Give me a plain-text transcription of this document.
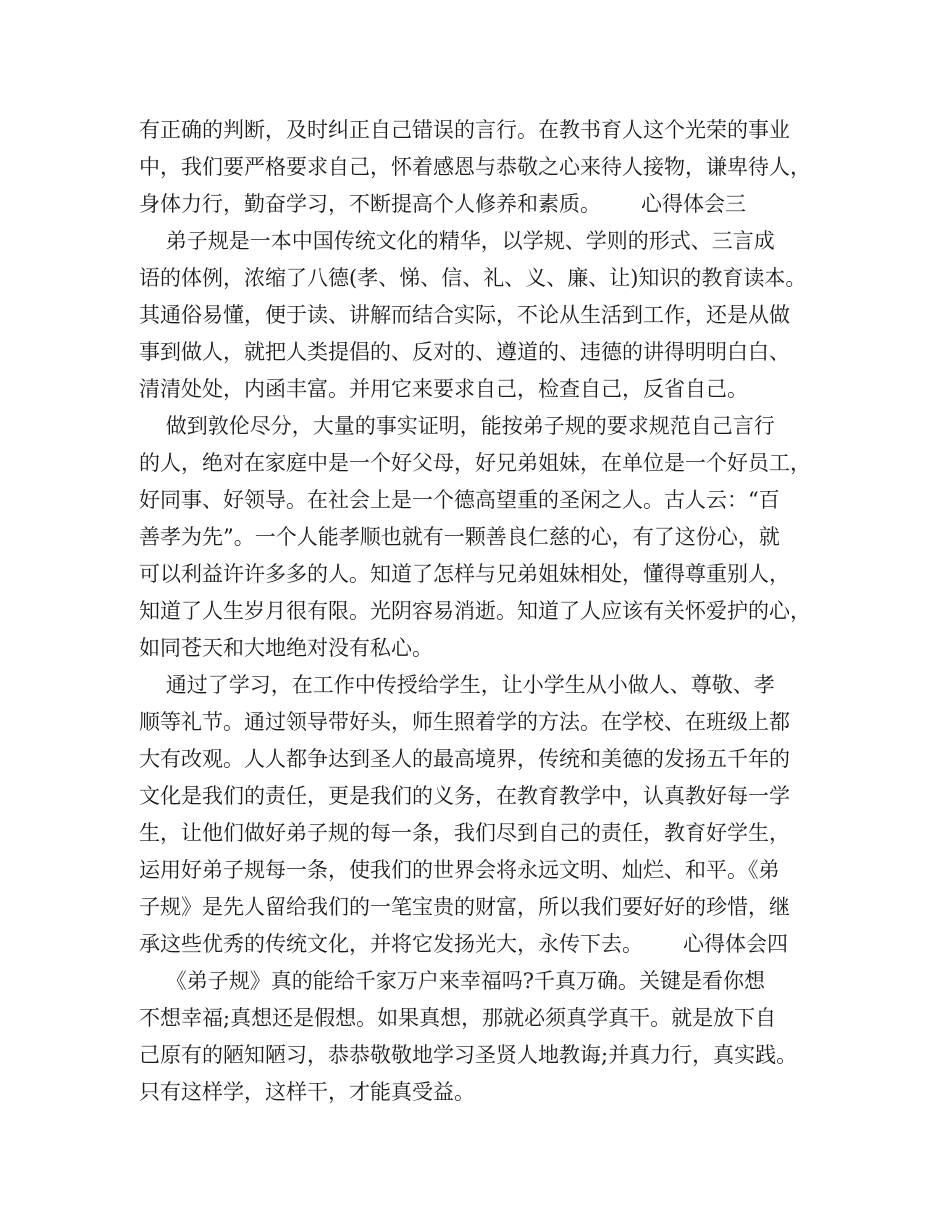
有正确的判断，及时纠正自己错误的言行。在教书育人这个光荣的事业
中，我们要严格要求自己，怀着感恩与恭敬之心来待人接物，谦卑待人，
身体力行，勤奋学习，不断提高个人修养和素质。      心得体会三
弟子规是一本中国传统文化的精华，以学规、学则的形式、三言成
语的体例，浓缩了八德(孝、悌、信、礼、义、廉、让)知识的教育读本。
其通俗易懂，便于读、讲解而结合实际，不论从生活到工作，还是从做
事到做人，就把人类提倡的、反对的、遵道的、违德的讲得明明白白、
清清处处，内函丰富。并用它来要求自己，检查自己，反省自己。
做到敦伦尽分，大量的事实证明，能按弟子规的要求规范自己言行
的人，绝对在家庭中是一个好父母，好兄弟姐妹，在单位是一个好员工，
好同事、好领导。在社会上是一个德高望重的圣闲之人。古人云：“百
善孝为先”。一个人能孝顺也就有一颗善良仁慈的心，有了这份心，就
可以利益许许多多的人。知道了怎样与兄弟姐妹相处，懂得尊重别人，
知道了人生岁月很有限。光阴容易消逝。知道了人应该有关怀爱护的心，
如同苍天和大地绝对没有私心。
通过了学习，在工作中传授给学生，让小学生从小做人、尊敬、孝
顺等礼节。通过领导带好头，师生照着学的方法。在学校、在班级上都
大有改观。人人都争达到圣人的最高境界，传统和美德的发扬五千年的
文化是我们的责任，更是我们的义务，在教育教学中，认真教好每一学
生，让他们做好弟子规的每一条，我们尽到自己的责任，教育好学生，
运用好弟子规每一条，使我们的世界会将永远文明、灿烂、和平。《弟
子规》是先人留给我们的一笔宝贵的财富，所以我们要好好的珍惜，继
承这些优秀的传统文化，并将它发扬光大，永传下去。      心得体会四
《弟子规》真的能给千家万户来幸福吗?千真万确。关键是看你想
不想幸福;真想还是假想。如果真想，那就必须真学真干。就是放下自
己原有的陋知陋习，恭恭敬敬地学习圣贤人地教诲;并真力行，真实践。
只有这样学，这样干，才能真受益。
